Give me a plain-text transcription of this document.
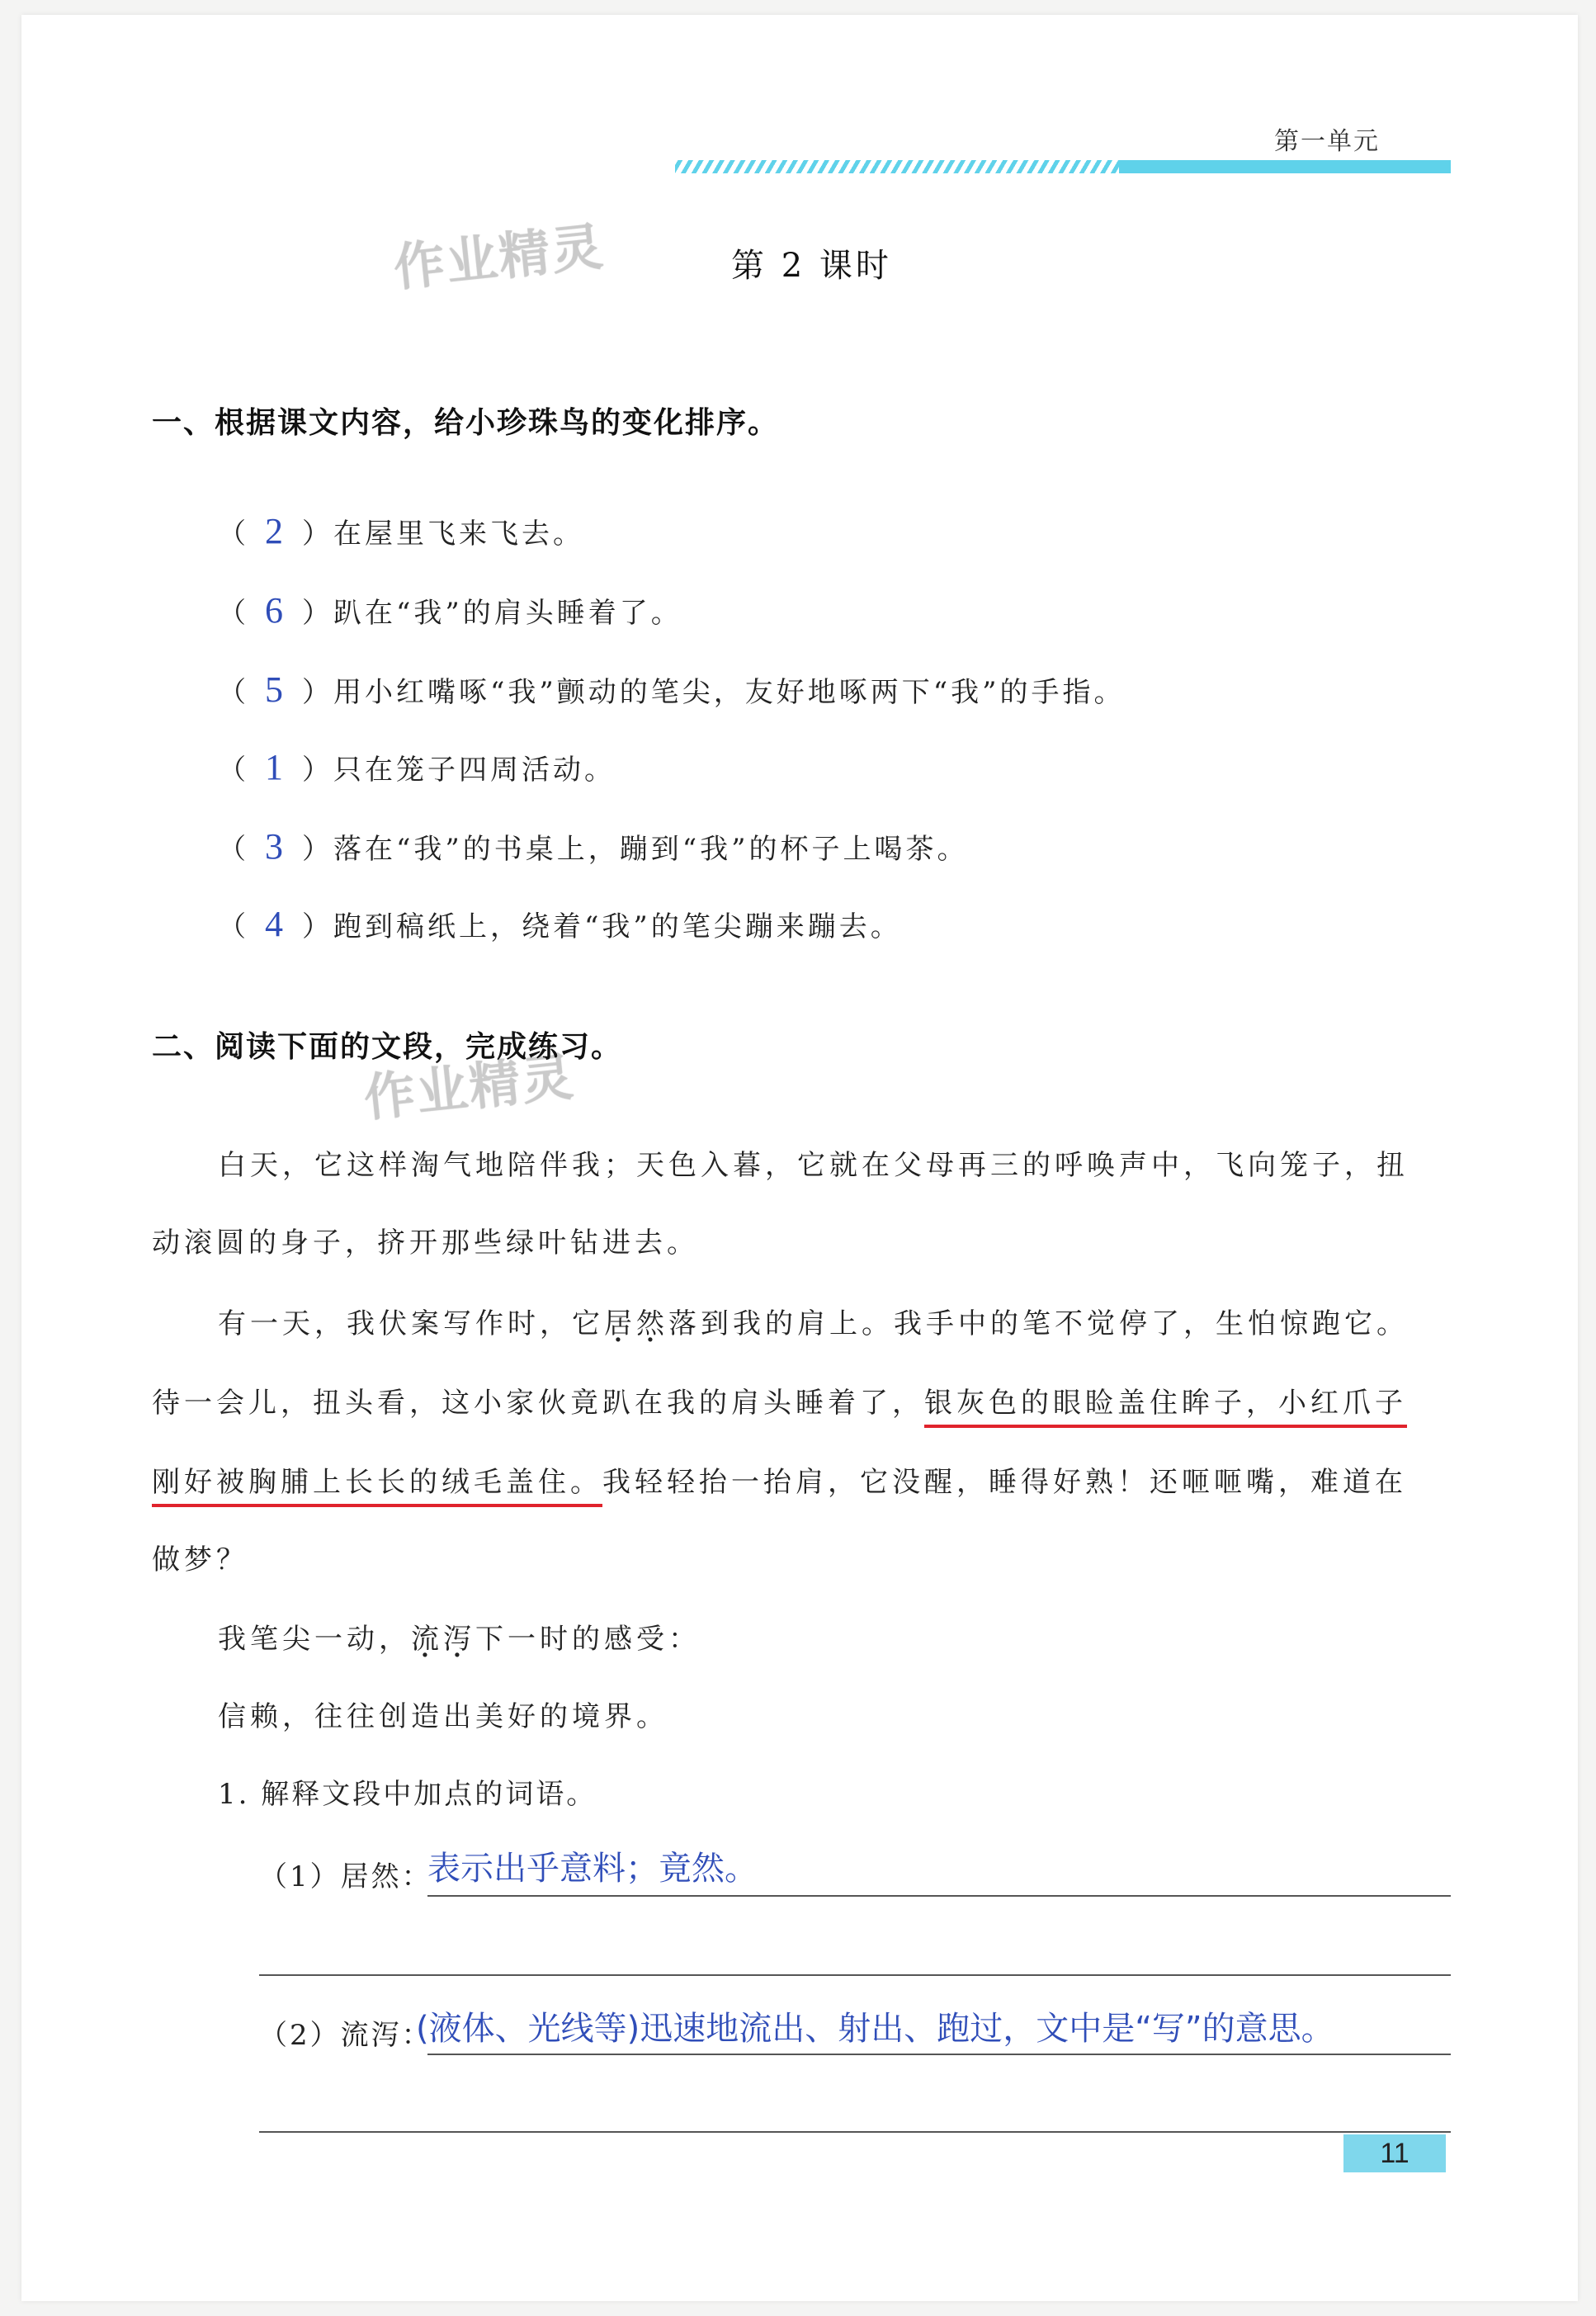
第一单元
作业精灵
作业精灵
第 2 课时
一、根据课文内容，给小珍珠鸟的变化排序。
（ 2 ）在屋里飞来飞去。
（ 6 ）趴在“我”的肩头睡着了。
（ 5 ）用小红嘴啄“我”颤动的笔尖，友好地啄两下“我”的手指。
（ 1 ）只在笼子四周活动。
（ 3 ）落在“我”的书桌上，蹦到“我”的杯子上喝茶。
（ 4 ）跑到稿纸上，绕着“我”的笔尖蹦来蹦去。
二、阅读下面的文段，完成练习。
白天，它这样淘气地陪伴我；天色入暮，它就在父母再三的呼唤声中，飞向笼子，扭
动滚圆的身子，挤开那些绿叶钻进去。
有一天，我伏案写作时，它居然落到我的肩上。我手中的笔不觉停了，生怕惊跑它。
待一会儿，扭头看，这小家伙竟趴在我的肩头睡着了，银灰色的眼睑盖住眸子，小红爪子
刚好被胸脯上长长的绒毛盖住。我轻轻抬一抬肩，它没醒，睡得好熟！还咂咂嘴，难道在
做梦？
我笔尖一动，流泻下一时的感受：
信赖，往往创造出美好的境界。
1. 解释文段中加点的词语。
（1）居然：
表示出乎意料；竟然。
（2）流泻：
(液体、光线等)迅速地流出、射出、跑过，文中是“写”的意思。
11
